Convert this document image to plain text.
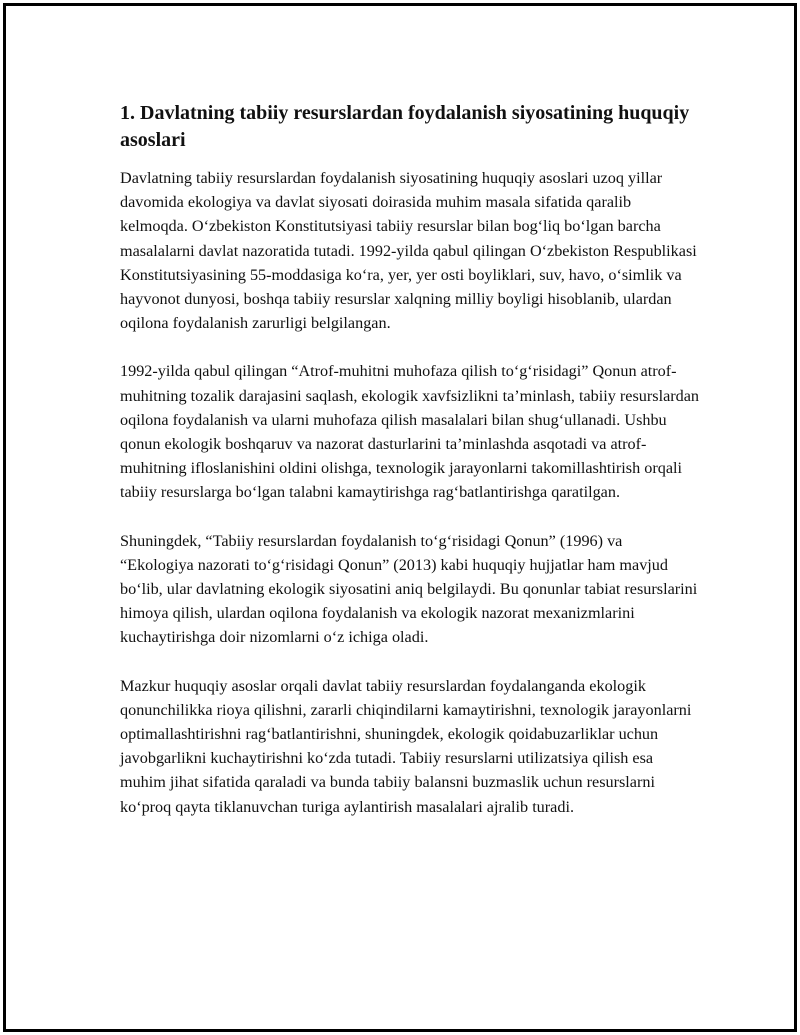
1. Davlatning tabiiy resurslardan foydalanish siyosatining huquqiy asoslari

Davlatning tabiiy resurslardan foydalanish siyosatining huquqiy asoslari uzoq yillar davomida ekologiya va davlat siyosati doirasida muhim masala sifatida qaralib kelmoqda. O‘zbekiston Konstitutsiyasi tabiiy resurslar bilan bog‘liq bo‘lgan barcha masalalarni davlat nazoratida tutadi. 1992-yilda qabul qilingan O‘zbekiston Respublikasi Konstitutsiyasining 55-moddasiga ko‘ra, yer, yer osti boyliklari, suv, havo, o‘simlik va hayvonot dunyosi, boshqa tabiiy resurslar xalqning milliy boyligi hisoblanib, ulardan oqilona foydalanish zarurligi belgilangan.

1992-yilda qabul qilingan “Atrof-muhitni muhofaza qilish to‘g‘risidagi” Qonun atrof-muhitning tozalik darajasini saqlash, ekologik xavfsizlikni ta’minlash, tabiiy resurslardan oqilona foydalanish va ularni muhofaza qilish masalalari bilan shug‘ullanadi. Ushbu qonun ekologik boshqaruv va nazorat dasturlarini ta’minlashda asqotadi va atrof-muhitning ifloslanishini oldini olishga, texnologik jarayonlarni takomillashtirish orqali tabiiy resurslarga bo‘lgan talabni kamaytirishga rag‘batlantirishga qaratilgan.

Shuningdek, “Tabiiy resurslardan foydalanish to‘g‘risidagi Qonun” (1996) va “Ekologiya nazorati to‘g‘risidagi Qonun” (2013) kabi huquqiy hujjatlar ham mavjud bo‘lib, ular davlatning ekologik siyosatini aniq belgilaydi. Bu qonunlar tabiat resurslarini himoya qilish, ulardan oqilona foydalanish va ekologik nazorat mexanizmlarini kuchaytirishga doir nizomlarni o‘z ichiga oladi.

Mazkur huquqiy asoslar orqali davlat tabiiy resurslardan foydalanganda ekologik qonunchilikka rioya qilishni, zararli chiqindilarni kamaytirishni, texnologik jarayonlarni optimallashtirishni rag‘batlantirishni, shuningdek, ekologik qoidabuzarliklar uchun javobgarlikni kuchaytirishni ko‘zda tutadi. Tabiiy resurslarni utilizatsiya qilish esa muhim jihat sifatida qaraladi va bunda tabiiy balansni buzmaslik uchun resurslarni ko‘proq qayta tiklanuvchan turiga aylantirish masalalari ajralib turadi.
